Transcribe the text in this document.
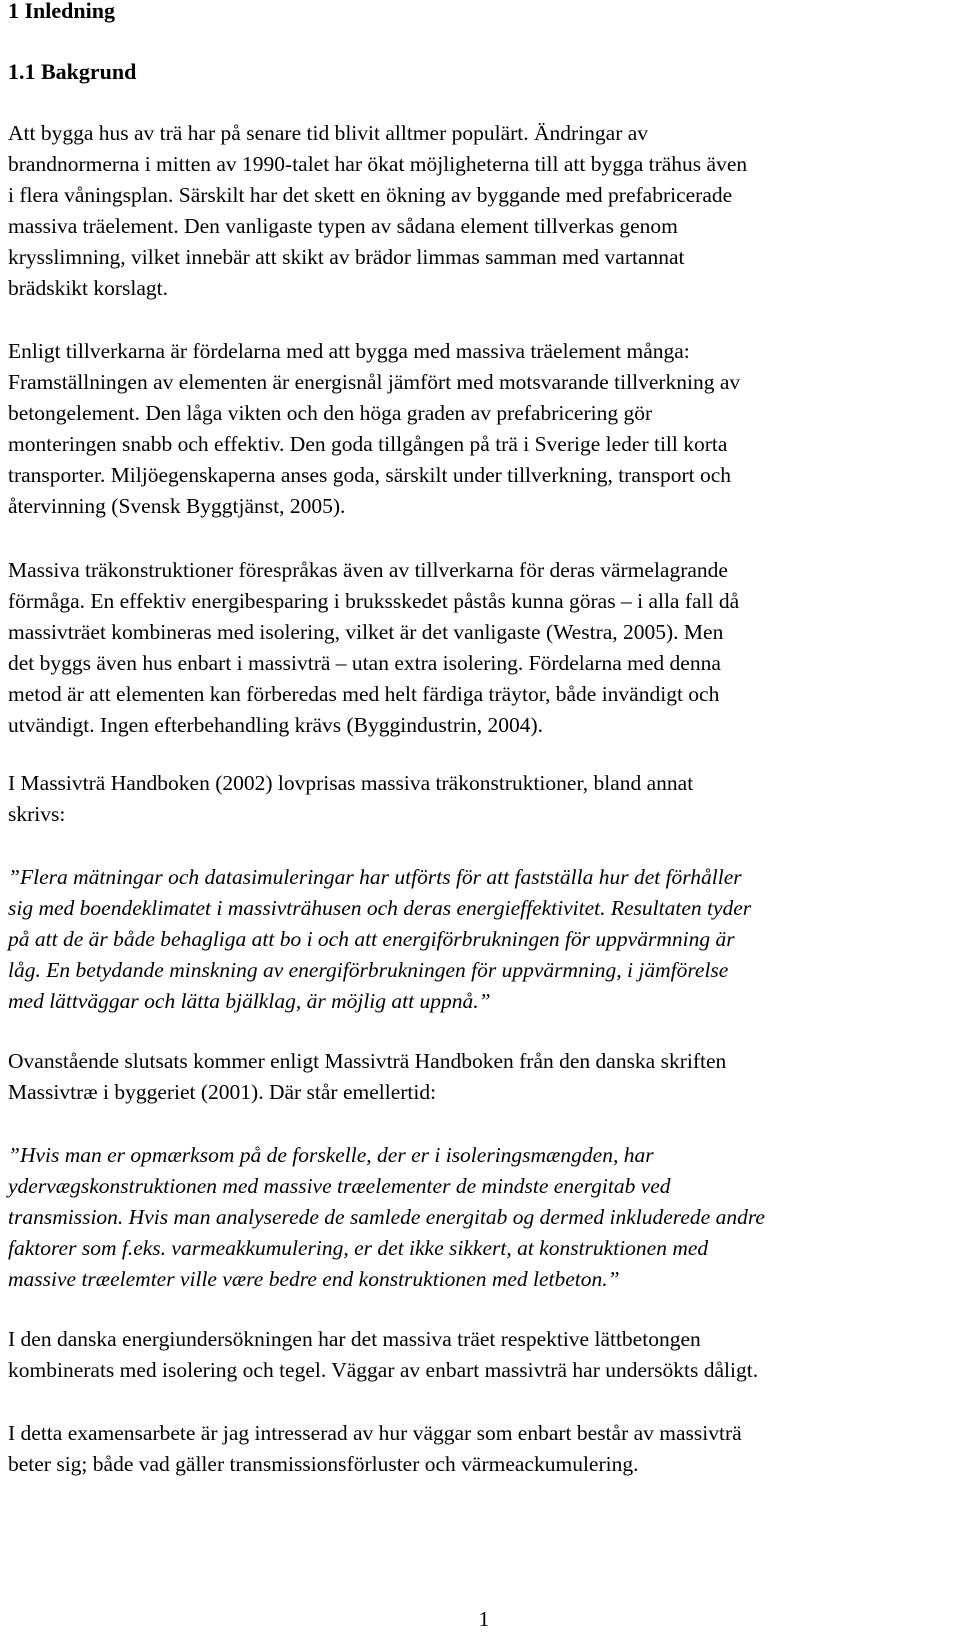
1 Inledning
1.1 Bakgrund

Att bygga hus av trä har på senare tid blivit alltmer populärt. Ändringar av
brandnormerna i mitten av 1990-talet har ökat möjligheterna till att bygga trähus även
i flera våningsplan. Särskilt har det skett en ökning av byggande med prefabricerade
massiva träelement. Den vanligaste typen av sådana element tillverkas genom
krysslimning, vilket innebär att skikt av brädor limmas samman med vartannat
brädskikt korslagt.

Enligt tillverkarna är fördelarna med att bygga med massiva träelement många:
Framställningen av elementen är energisnål jämfört med motsvarande tillverkning av
betongelement. Den låga vikten och den höga graden av prefabricering gör
monteringen snabb och effektiv. Den goda tillgången på trä i Sverige leder till korta
transporter. Miljöegenskaperna anses goda, särskilt under tillverkning, transport och
återvinning (Svensk Byggtjänst, 2005).

Massiva träkonstruktioner förespråkas även av tillverkarna för deras värmelagrande
förmåga. En effektiv energibesparing i bruksskedet påstås kunna göras – i alla fall då
massivträet kombineras med isolering, vilket är det vanligaste (Westra, 2005). Men
det byggs även hus enbart i massivträ – utan extra isolering. Fördelarna med denna
metod är att elementen kan förberedas med helt färdiga träytor, både invändigt och
utvändigt. Ingen efterbehandling krävs (Byggindustrin, 2004).

I Massivträ Handboken (2002) lovprisas massiva träkonstruktioner, bland annat
skrivs:

”Flera mätningar och datasimuleringar har utförts för att fastställa hur det förhåller
sig med boendeklimatet i massivträhusen och deras energieffektivitet. Resultaten tyder
på att de är både behagliga att bo i och att energiförbrukningen för uppvärmning är
låg. En betydande minskning av energiförbrukningen för uppvärmning, i jämförelse
med lättväggar och lätta bjälklag, är möjlig att uppnå.”

Ovanstående slutsats kommer enligt Massivträ Handboken från den danska skriften
Massivtræ i byggeriet (2001). Där står emellertid:

”Hvis man er opmærksom på de forskelle, der er i isoleringsmængden, har
ydervægskonstruktionen med massive træelementer de mindste energitab ved
transmission. Hvis man analyserede de samlede energitab og dermed inkluderede andre
faktorer som f.eks. varmeakkumulering, er det ikke sikkert, at konstruktionen med
massive træelemter ville være bedre end konstruktionen med letbeton.”

I den danska energiundersökningen har det massiva träet respektive lättbetongen
kombinerats med isolering och tegel. Väggar av enbart massivträ har undersökts dåligt.

I detta examensarbete är jag intresserad av hur väggar som enbart består av massivträ
beter sig; både vad gäller transmissionsförluster och värmeackumulering.

1
